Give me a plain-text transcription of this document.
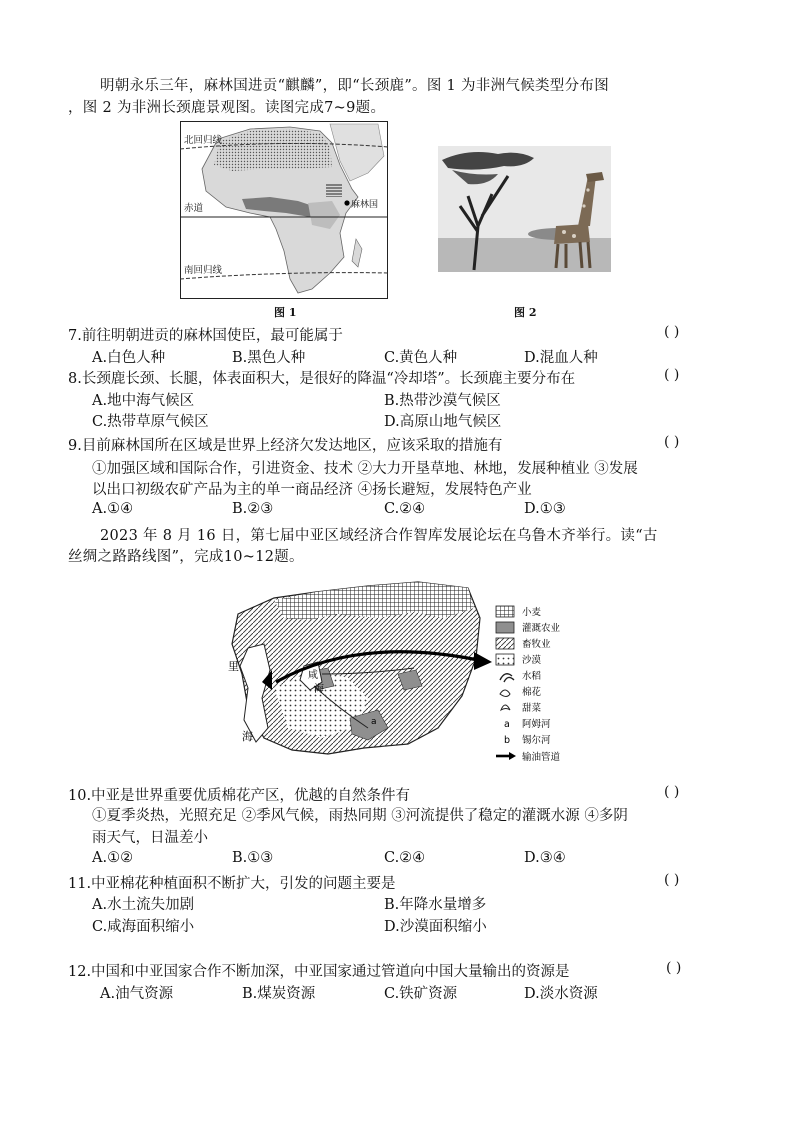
明朝永乐三年，麻林国进贡“麒麟”，即“长颈鹿”。图 1 为非洲气候类型分布图
，图 2 为非洲长颈鹿景观图。读图完成7~9题。
北回归线
赤道
南回归线
麻林国
图 1	图 2
7.前往明朝进贡的麻林国使臣，最可能属于	( )
A.白色人种	B.黑色人种	C.黄色人种	D.混血人种
8.长颈鹿长颈、长腿，体表面积大，是很好的降温“冷却塔”。长颈鹿主要分布在	( )
A.地中海气候区	B.热带沙漠气候区
C.热带草原气候区	D.高原山地气候区
9.目前麻林国所在区域是世界上经济欠发达地区，应该采取的措施有	( )
①加强区域和国际合作，引进资金、技术 ②大力开垦草地、林地，发展种植业 ③发展
以出口初级农矿产品为主的单一商品经济 ④扬长避短，发展特色产业
A.①④	B.②③	C.②④	D.①③
2023 年 8 月 16 日，第七届中亚区域经济合作智库发展论坛在乌鲁木齐举行。读“古
丝绸之路路线图”，完成10~12题。
里
海
咸
海
a
小麦
灌溉农业
畜牧业
沙漠
水稻
棉花
甜菜
a 阿姆河
b 锡尔河
输油管道
10.中亚是世界重要优质棉花产区，优越的自然条件有	( )
①夏季炎热，光照充足 ②季风气候，雨热同期 ③河流提供了稳定的灌溉水源 ④多阴
雨天气，日温差小
A.①②	B.①③	C.②④	D.③④
11.中亚棉花种植面积不断扩大，引发的问题主要是	( )
A.水土流失加剧	B.年降水量增多
C.咸海面积缩小	D.沙漠面积缩小
12.中国和中亚国家合作不断加深，中亚国家通过管道向中国大量输出的资源是	( )
A.油气资源	B.煤炭资源	C.铁矿资源	D.淡水资源
